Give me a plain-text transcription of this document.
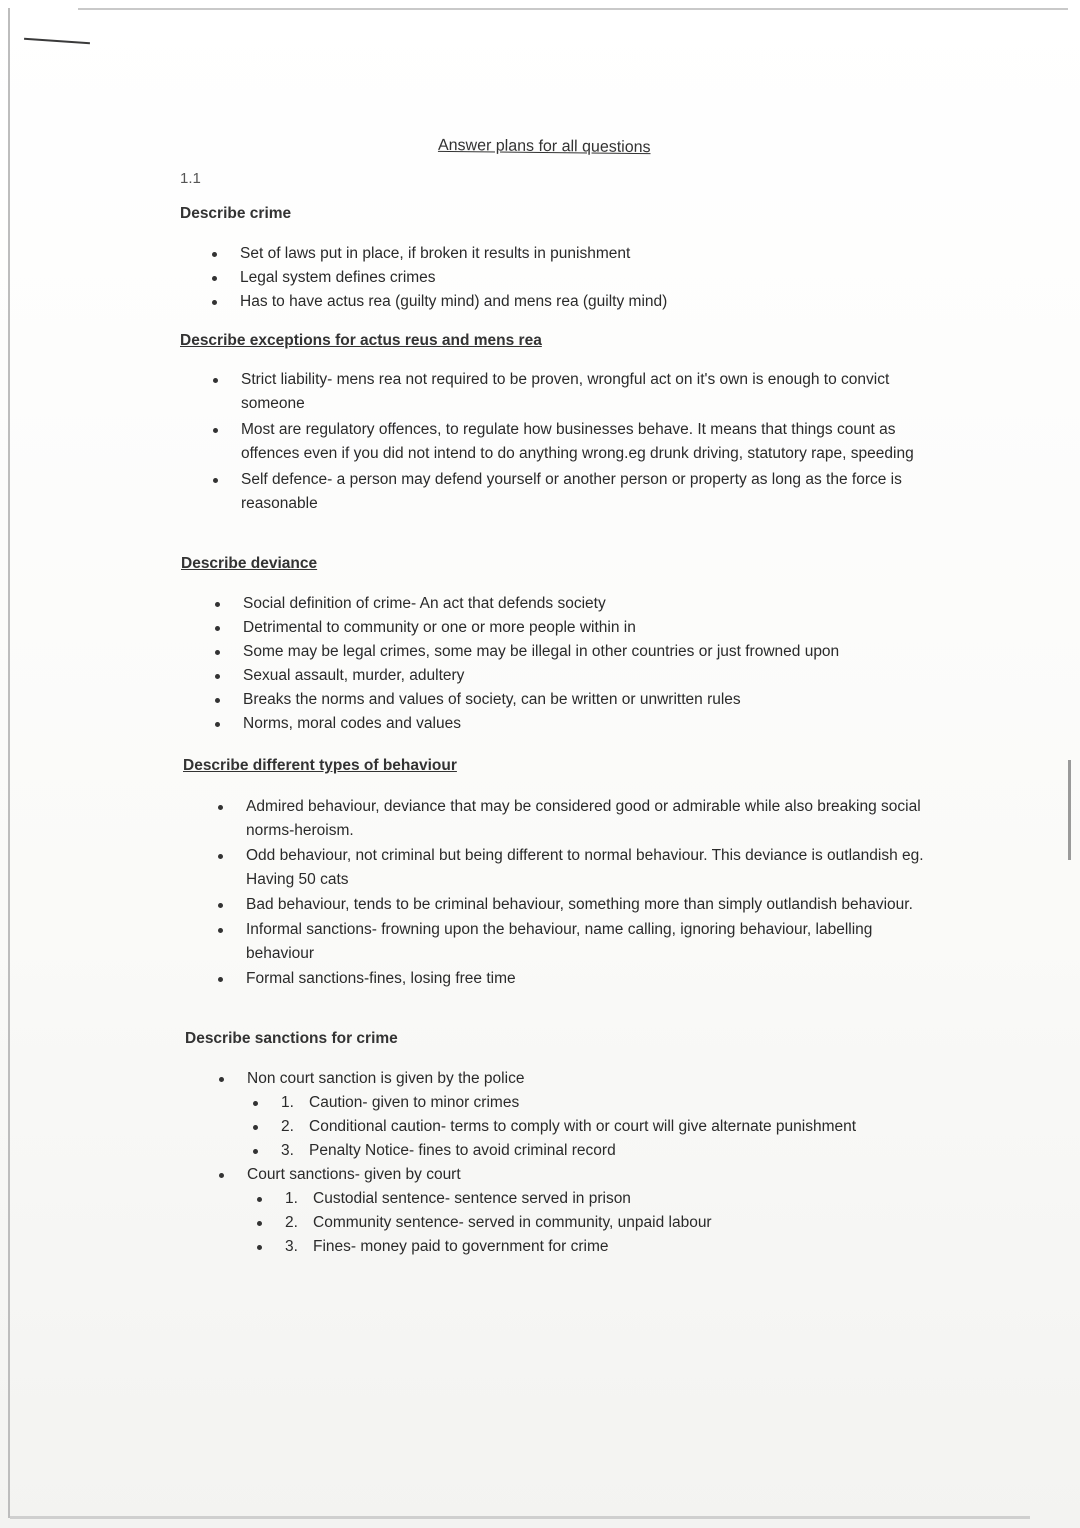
Answer plans for all questions
1.1
Describe crime
Set of laws put in place, if broken it results in punishment
Legal system defines crimes
Has to have actus rea (guilty mind) and mens rea (guilty mind)
Describe exceptions for actus reus and mens rea
Strict liability- mens rea not required to be proven, wrongful act on it's own is enough to convict someone
Most are regulatory offences, to regulate how businesses behave. It means that things count as offences even if you did not intend to do anything wrong.eg drunk driving, statutory rape, speeding
Self defence- a person may defend yourself or another person or property as long as the force is reasonable
Describe deviance
Social definition of crime- An act that defends society
Detrimental to community or one or more people within in
Some may be legal crimes, some may be illegal in other countries or just frowned upon
Sexual assault, murder, adultery
Breaks the norms and values of society, can be written or unwritten rules
Norms, moral codes and values
Describe different types of behaviour
Admired behaviour, deviance that may be considered good or admirable while also breaking social norms-heroism.
Odd behaviour, not criminal but being different to normal behaviour. This deviance is outlandish eg. Having 50 cats
Bad behaviour, tends to be criminal behaviour, something more than simply outlandish behaviour.
Informal sanctions- frowning upon the behaviour, name calling, ignoring behaviour, labelling behaviour
Formal sanctions-fines, losing free time
Describe sanctions for crime
Non court sanction is given by the police
1. Caution- given to minor crimes
2. Conditional caution- terms to comply with or court will give alternate punishment
3. Penalty Notice- fines to avoid criminal record
Court sanctions- given by court
1. Custodial sentence- sentence served in prison
2. Community sentence- served in community, unpaid labour
3. Fines- money paid to government for crime
